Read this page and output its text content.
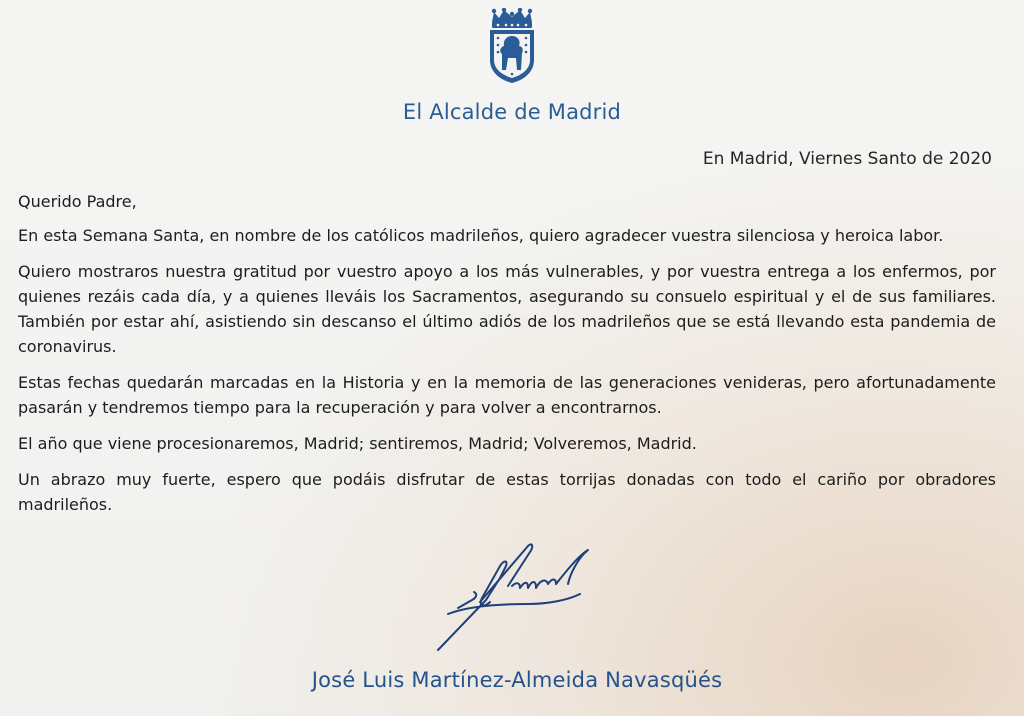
El Alcalde de Madrid
En Madrid, Viernes Santo de 2020

Querido Padre,

En esta Semana Santa, en nombre de los católicos madrileños, quiero agradecer vuestra silenciosa y heroica labor.

Quiero mostraros nuestra gratitud por vuestro apoyo a los más vulnerables, y por vuestra entrega a los enfermos, por quienes rezáis cada día, y a quienes lleváis los Sacramentos, asegurando su consuelo espiritual y el de sus familiares. También por estar ahí, asistiendo sin descanso el último adiós de los madrileños que se está llevando esta pandemia de coronavirus.

Estas fechas quedarán marcadas en la Historia y en la memoria de las generaciones venideras, pero afortunadamente pasarán y tendremos tiempo para la recuperación y para volver a encontrarnos.

El año que viene procesionaremos, Madrid; sentiremos, Madrid; Volveremos, Madrid.

Un abrazo muy fuerte, espero que podáis disfrutar de estas torrijas donadas con todo el cariño por obradores madrileños.

José Luis Martínez-Almeida Navasqüés
